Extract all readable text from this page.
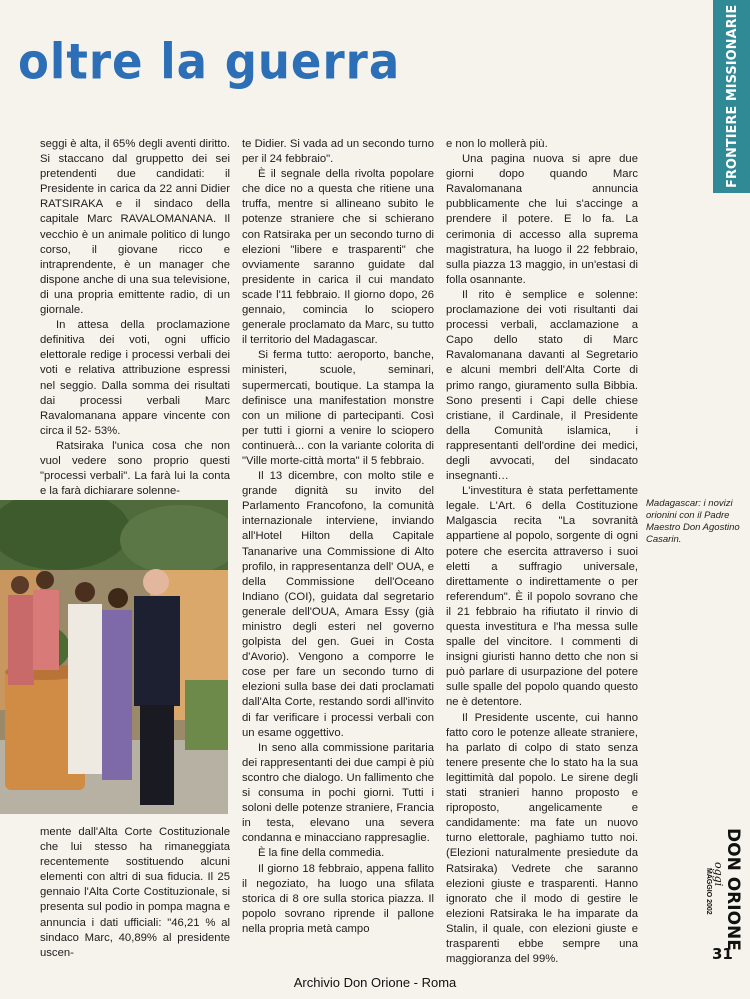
oltre la guerra

seggi è alta, il 65% degli aventi diritto. Si staccano dal gruppetto dei sei pretendenti due candidati: il Presidente in carica da 22 anni Didier RATSIRAKA e il sindaco della capitale Marc RAVALOMANANA. Il vecchio è un animale politico di lungo corso, il giovane ricco e intraprendente, è un manager che dispone anche di una sua televisione, di una propria emittente radio, di un giornale.

In attesa della proclamazione definitiva dei voti, ogni ufficio elettorale redige i processi verbali dei voti e relativa attribuzione espressi nel seggio. Dalla somma dei risultati dai processi verbali Marc Ravalomanana appare vincente con circa il 52- 53%.

Ratsiraka l'unica cosa che non vuol vedere sono proprio questi "processi verbali". La farà lui la conta e la farà dichiarare solenne-

mente dall'Alta Corte Costituzionale che lui stesso ha rimaneggiata recentemente sostituendo alcuni elementi con altri di sua fiducia. Il 25 gennaio l'Alta Corte Costituzionale, si presenta sul podio in pompa magna e annuncia i dati ufficiali: "46,21 % al sindaco Marc, 40,89% al presidente uscen-

te Didier. Si vada ad un secondo turno per il 24 febbraio".

È il segnale della rivolta popolare che dice no a questa che ritiene una truffa, mentre si allineano subito le potenze straniere che si schierano con Ratsiraka per un secondo turno di elezioni "libere e trasparenti" che ovviamente saranno guidate dal presidente in carica il cui mandato scade l'11 febbraio. Il giorno dopo, 26 gennaio, comincia lo sciopero generale proclamato da Marc, su tutto il territorio del Madagascar.

Si ferma tutto: aeroporto, banche, ministeri, scuole, seminari, supermercati, boutique. La stampa la definisce una manifestation monstre con un milione di partecipanti. Così per tutti i giorni a venire lo sciopero continuerà... con la variante colorita di "Ville morte-città morta" il 5 febbraio.

Il 13 dicembre, con molto stile e grande dignità su invito del Parlamento Francofono, la comunità internazionale interviene, inviando all'Hotel Hilton della Capitale Tananarive una Commissione di Alto profilo, in rappresentanza dell' OUA, e della Commissione dell'Oceano Indiano (COI), guidata dal segretario generale dell'OUA, Amara Essy (già ministro degli esteri nel governo golpista del gen. Guei in Costa d'Avorio). Vengono a comporre le cose per fare un secondo turno di elezioni sulla base dei dati proclamati dall'Alta Corte, restando sordi all'invito di far verificare i processi verbali con un esame oggettivo.

In seno alla commissione paritaria dei rappresentanti dei due campi è più scontro che dialogo. Un fallimento che si consuma in pochi giorni. Tutti i soloni delle potenze straniere, Francia in testa, elevano una severa condanna e minacciano rappresaglie.

È la fine della commedia.

Il giorno 18 febbraio, appena fallito il negoziato, ha luogo una sfilata storica di 8 ore sulla storica piazza. Il popolo sovrano riprende il pallone nella propria metà campo

e non lo mollerà più.

Una pagina nuova si apre due giorni dopo quando Marc Ravalomanana annuncia pubblicamente che lui s'accinge a prendere il potere. E lo fa. La cerimonia di accesso alla suprema magistratura, ha luogo il 22 febbraio, sulla piazza 13 maggio, in un'estasi di folla osannante.

Il rito è semplice e solenne: proclamazione dei voti risultanti dai processi verbali, acclamazione a Capo dello stato di Marc Ravalomanana davanti al Segretario e alcuni membri dell'Alta Corte di primo rango, giuramento sulla Bibbia. Sono presenti i Capi delle chiese cristiane, il Cardinale, il Presidente della Comunità islamica, i rappresentanti dell'ordine dei medici, degli avvocati, del sindacato insegnanti…

L'investitura è stata perfettamente legale. L'Art. 6 della Costituzione Malgascia recita "La sovranità appartiene al popolo, sorgente di ogni potere che esercita attraverso i suoi eletti a suffragio universale, direttamente o indirettamente o per referendum". È il popolo sovrano che il 21 febbraio ha rifiutato il rinvio di questa investitura e l'ha messa sulle spalle del vincitore. I commenti di insigni giuristi hanno detto che non si può parlare di usurpazione del potere sulle spalle del popolo quando questo ne è detentore.

Il Presidente uscente, cui hanno fatto coro le potenze alleate straniere, ha parlato di colpo di stato senza tenere presente che lo stato ha la sua legittimità dal popolo. Le sirene degli stati stranieri hanno proposto e riproposto, angelicamente e candidamente: ma fate un nuovo turno elettorale, paghiamo tutto noi. (Elezioni naturalmente presiedute da Ratsiraka) Vedrete che saranno elezioni giuste e trasparenti. Hanno ignorato che il modo di gestire le elezioni Ratsiraka le ha imparate da Stalin, il quale, con elezioni giuste e trasparenti ebbe sempre una maggioranza del 99%.

Madagascar: i novizi orionini con il Padre Maestro Don Agostino Casarin.
DON ORIONE
oggi
MAGGIO 2002
31
Archivio Don Orione - Roma
